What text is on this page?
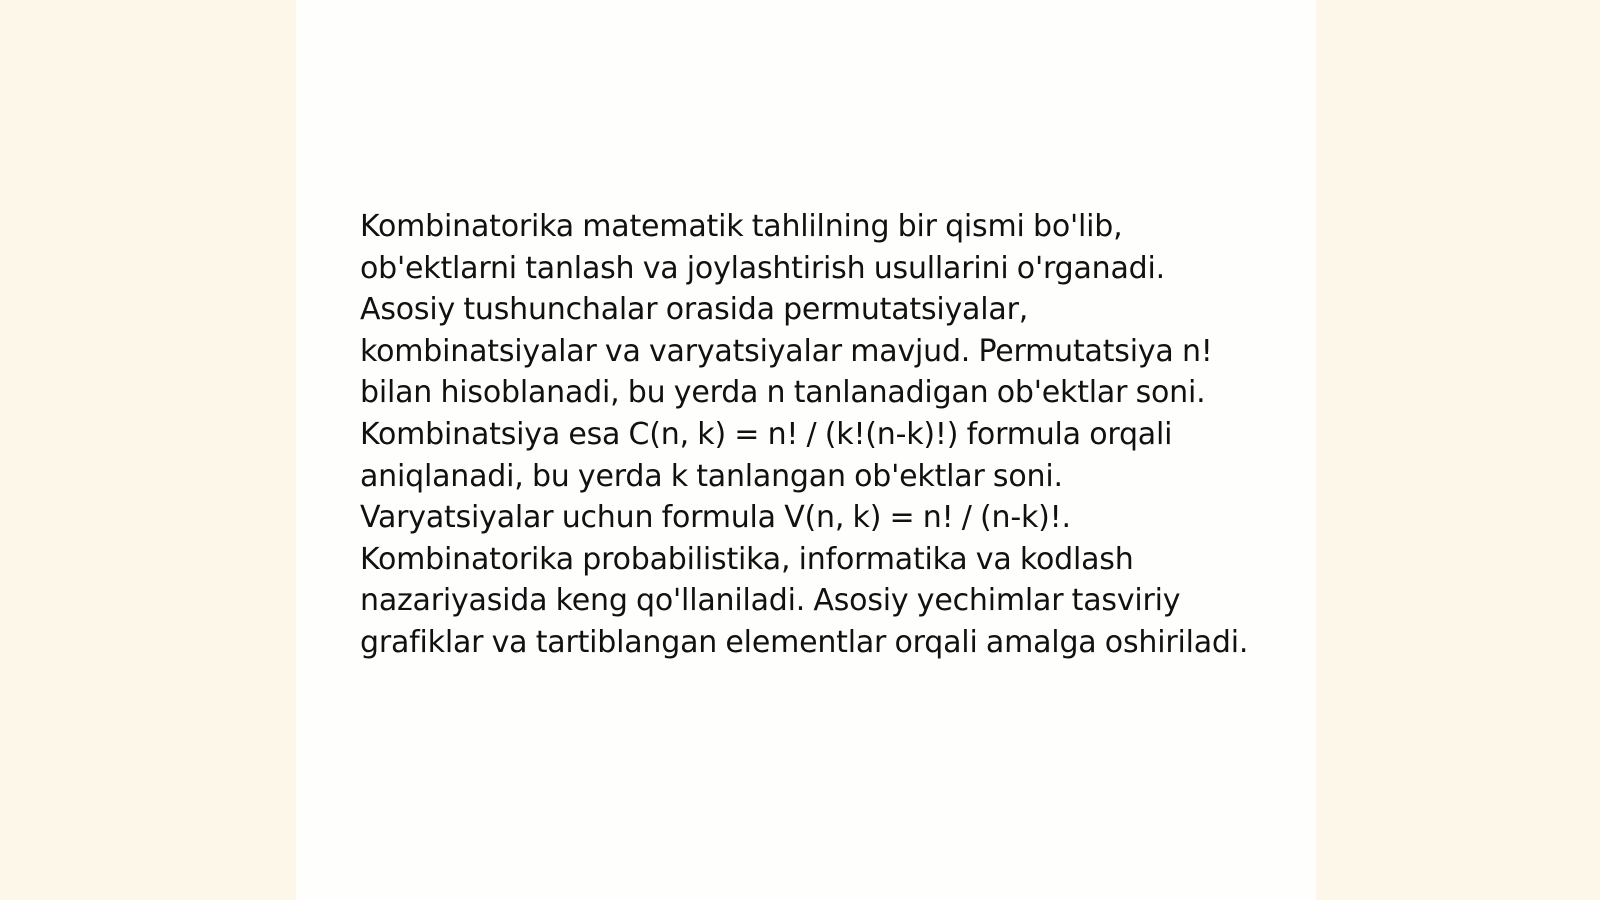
Kombinatorika matematik tahlilning bir qismi bo'lib, ob'ektlarni tanlash va joylashtirish usullarini o'rganadi. Asosiy tushunchalar orasida permutatsiyalar, kombinatsiyalar va varyatsiyalar mavjud. Permutatsiya n! bilan hisoblanadi, bu yerda n tanlanadigan ob'ektlar soni. Kombinatsiya esa C(n, k) = n! / (k!(n-k)!) formula orqali aniqlanadi, bu yerda k tanlangan ob'ektlar soni. Varyatsiyalar uchun formula V(n, k) = n! / (n-k)!. Kombinatorika probabilistika, informatika va kodlash nazariyasida keng qo'llaniladi. Asosiy yechimlar tasviriy grafiklar va tartiblangan elementlar orqali amalga oshiriladi.
